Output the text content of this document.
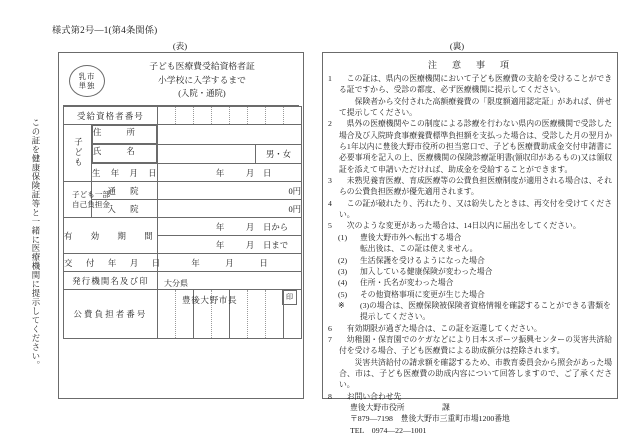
様式第2号―1(第4条関係)
(表)	(裏)
この証を健康保険証等と一緒に医療機関に提示してください。
乳市
単独
子ども医療費受給資格者証
小学校に入学するまで
(入院・通院)
受給資格者番号			

子ども

住　　　所

氏　　　名
		男・女
	生　年　月　日	年 月 日	

子ども一部
自己負担金	通　院	0円	
	入　院	0円	
有　効　期　間		年 月 日から	

		年 月 日まで	

交　付　年　月　日		年 月 日	

発行機関名及び印		大分県
豊後大野市長 印	

公費負担者番号			
注　意　事　項
1	この証は、県内の医療機関において子ども医療費の支給を受けることができる証ですから、受診の都度、必ず医療機関に提示してください。

保険者から交付された高額療養費の「限度額適用認定証」があれば、併せて提示してください。

2	県外の医療機関やこの制度による診療を行わない県内の医療機関で受診した場合及び入院時食事療養費標準負担額を支払った場合は、受診した月の翌月から1年以内に豊後大野市役所の担当窓口で、子ども医療費助成金交付申請書に必要事項を記入の上、医療機関の保険診療証明書(領収印があるもの)又は領収証を添えて申請いただければ、助成金を受給することができます。

3	未熟児養育医療、育成医療等の公費負担医療制度が適用される場合は、それらの公費負担医療が優先適用されます。

4	この証が破れたり、汚れたり、又は紛失したときは、再交付を受けてください。

5	次のような変更があった場合は、14日以内に届出をしてください。

(1)	豊後大野市外へ転出する場合
転出後は、この証は使えません。
(2)	生活保護を受けるようになった場合
(3)	加入している健康保険が変わった場合
(4)	住所・氏名が変わった場合
(5)	その他資格事項に変更が生じた場合
※	(3)の場合は、医療保険被保険者資格情報を確認することができる書類を提示してください。
6	有効期限が過ぎた場合は、この証を返還してください。

7	幼稚園・保育園でのケガなどにより日本スポーツ振興センターの災害共済給付を受ける場合、子ども医療費による助成額分は控除されます。

災害共済給付の請求額を確認するため、市教育委員会から照会があった場合、市は、子ども医療費の助成内容について回答しますので、ご了承ください。

8	お問い合わせ先

豊後大野市役所	課
〒879―7198　豊後大野市三重町市場1200番地
TEL　0974―22―1001
